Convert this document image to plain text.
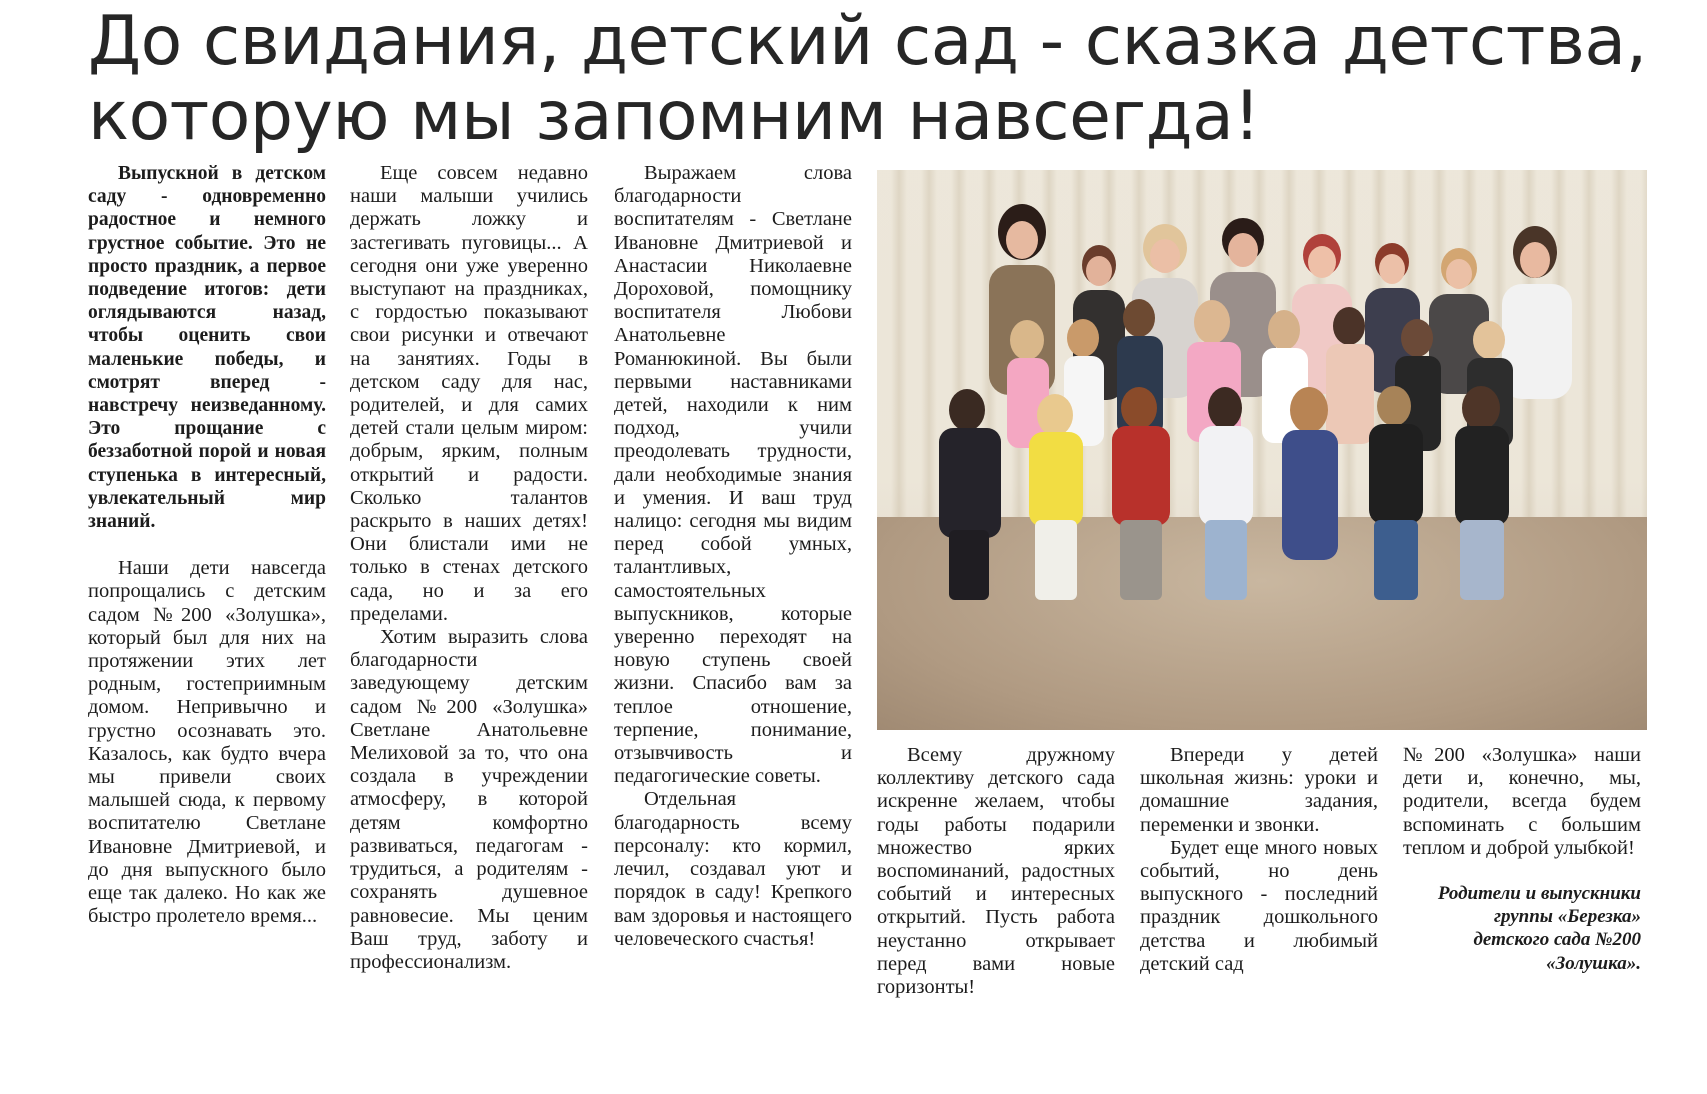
До свидания, детский сад - сказка детства,
которую мы запомним навсегда!

Выпускной в детском саду - одновременно радостное и немного грустное событие. Это не просто праздник, а первое подведение итогов: дети оглядываются назад, чтобы оценить свои маленькие победы, и смотрят вперед - навстречу неизведанному. Это прощание с беззаботной порой и новая ступенька в интересный, увлекательный мир знаний.

Наши дети навсегда попрощались с детским садом №200 «Золушка», который был для них на протяжении этих лет родным, гостеприимным домом. Непривычно и грустно осознавать это. Казалось, как будто вчера мы привели своих малышей сюда, к первому воспитателю Светлане Ивановне Дмитриевой, и до дня выпускного было еще так далеко. Но как же быстро пролетело время...

Еще совсем недавно наши малыши учились держать ложку и застегивать пуговицы... А сегодня они уже уверенно выступают на праздниках, с гордостью показывают свои рисунки и отвечают на занятиях. Годы в детском саду для нас, родителей, и для самих детей стали целым миром: добрым, ярким, полным открытий и радости. Сколько талантов раскрыто в наших детях! Они блистали ими не только в стенах детского сада, но и за его пределами.

Хотим выразить слова благодарности заведующему детским садом №200 «Золушка» Светлане Анатольевне Мелиховой за то, что она создала в учреждении атмосферу, в которой детям комфортно развиваться, педагогам - трудиться, а родителям - сохранять душевное равновесие. Мы ценим Ваш труд, заботу и профессионализм.

Выражаем слова благодарности воспитателям - Светлане Ивановне Дмитриевой и Анастасии Николаевне Дороховой, помощнику воспитателя Любови Анатольевне Романюкиной. Вы были первыми наставниками детей, находили к ним подход, учили преодолевать трудности, дали необходимые знания и умения. И ваш труд налицо: сегодня мы видим перед собой умных, талантливых, самостоятельных выпускников, которые уверенно переходят на новую ступень своей жизни. Спасибо вам за теплое отношение, терпение, понимание, отзывчивость и педагогические советы.

Отдельная благодарность всему персоналу: кто кормил, лечил, создавал уют и порядок в саду! Крепкого вам здоровья и настоящего человеческого счастья!

Всему дружному коллективу детского сада искренне желаем, чтобы годы работы подарили множество ярких воспоминаний, радостных событий и интересных открытий. Пусть работа неустанно открывает перед вами новые горизонты!

Впереди у детей школьная жизнь: уроки и домашние задания, переменки и звонки.

Будет еще много новых событий, но день выпускного - последний праздник дошкольного детства и любимый детский сад

№200 «Золушка» наши дети и, конечно, мы, родители, всегда будем вспоминать с большим теплом и доброй улыбкой!

Родители и выпускники
группы «Березка»
детского сада №200
«Золушка».
